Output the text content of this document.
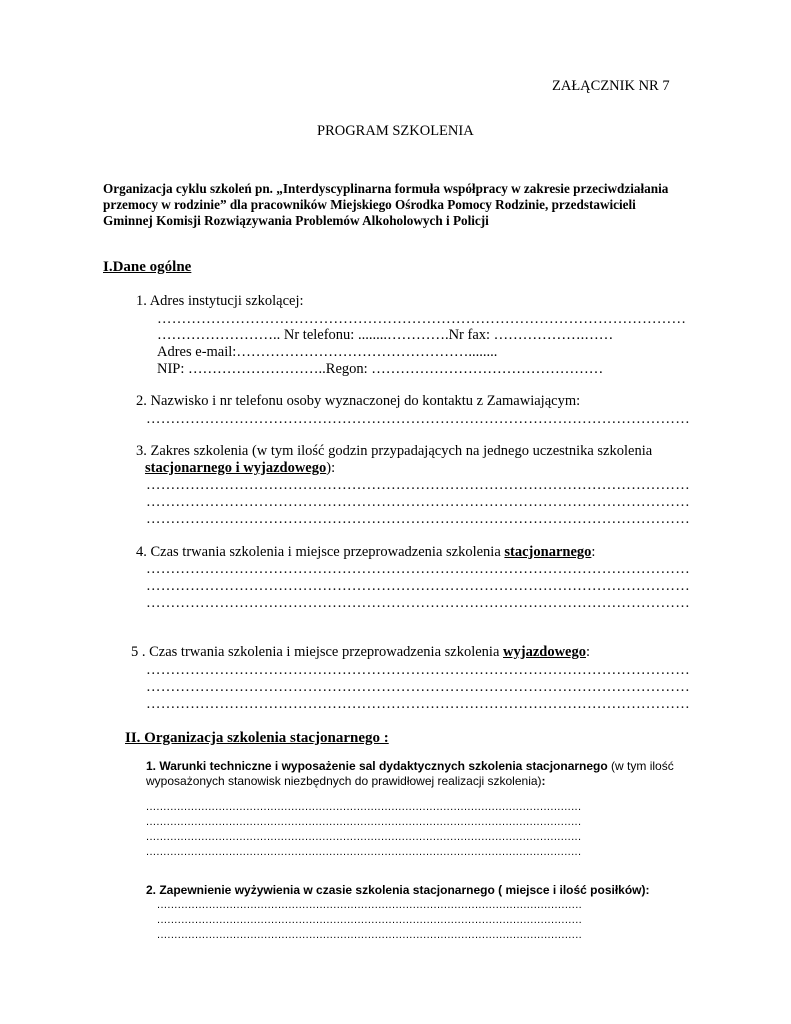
ZAŁĄCZNIK NR 7
PROGRAM SZKOLENIA
Organizacja cyklu szkoleń pn. „Interdyscyplinarna formuła współpracy w zakresie przeciwdziałania
przemocy w rodzinie” dla pracowników Miejskiego Ośrodka Pomocy Rodzinie, przedstawicieli
Gminnej Komisji Rozwiązywania Problemów Alkoholowych i Policji
I.Dane ogólne
1. Adres instytucji szkolącej:
………………………………………………………………………………………………
…………………….. Nr telefonu: ........………….Nr fax: ……………….……
Adres e-mail:…………………………………………........
NIP: ………………………..Regon: …………………………………………
2. Nazwisko i nr telefonu osoby wyznaczonej do kontaktu z Zamawiającym:
…………………………………………………………………………………………………
3. Zakres szkolenia (w tym ilość godzin przypadających na jednego uczestnika szkolenia
stacjonarnego i wyjazdowego):
…………………………………………………………………………………………………
…………………………………………………………………………………………………
…………………………………………………………………………………………………
4. Czas trwania szkolenia i miejsce przeprowadzenia szkolenia stacjonarnego:
…………………………………………………………………………………………………
…………………………………………………………………………………………………
…………………………………………………………………………………………………
5 . Czas trwania szkolenia i miejsce przeprowadzenia szkolenia wyjazdowego:
…………………………………………………………………………………………………
…………………………………………………………………………………………………
…………………………………………………………………………………………………
II. Organizacja szkolenia stacjonarnego :
1. Warunki techniczne i wyposażenie sal dydaktycznych szkolenia stacjonarnego (w tym ilość
wyposażonych stanowisk niezbędnych do prawidłowej realizacji szkolenia):
..............................................................................................................................
..............................................................................................................................
..............................................................................................................................
..............................................................................................................................
2. Zapewnienie wyżywienia w czasie szkolenia stacjonarnego ( miejsce i ilość posiłków):
...........................................................................................................................
...........................................................................................................................
...........................................................................................................................
